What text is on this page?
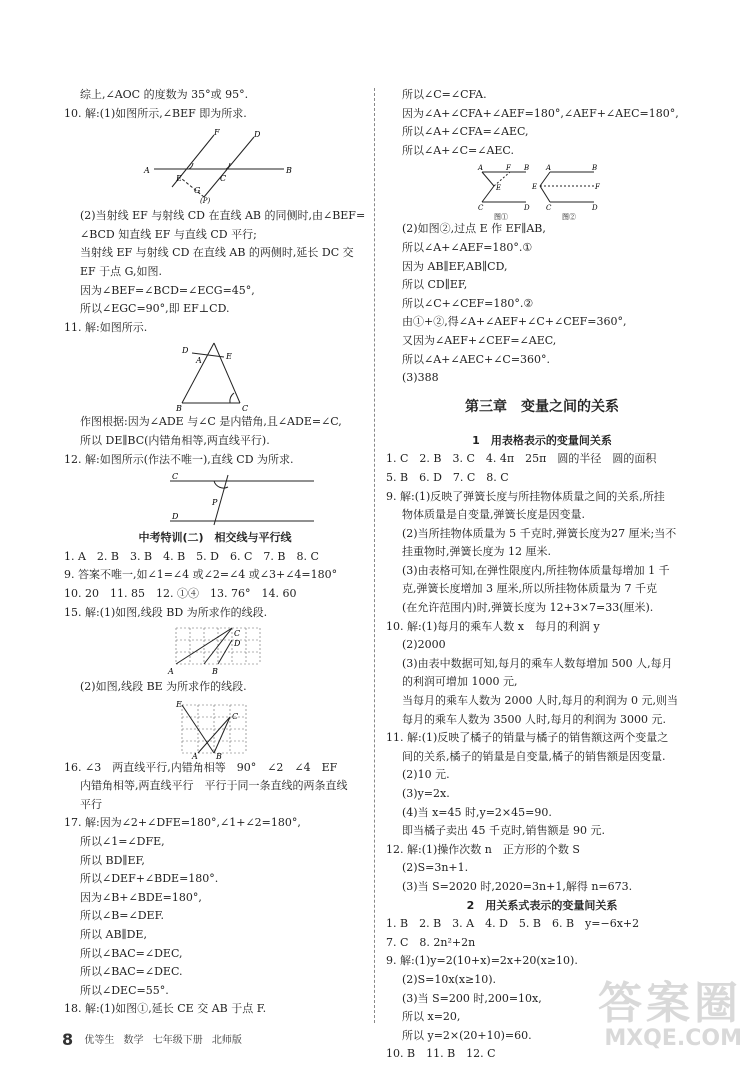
综上,∠AOC 的度数为 35°或 95°.

10. 解:(1)如图所示,∠BEF 即为所求.

A	B
F	D
E	C
G
(P)

(2)当射线 EF 与射线 CD 在直线 AB 的同侧时,由∠BEF=

∠BCD 知直线 EF 与直线 CD 平行;

当射线 EF 与射线 CD 在直线 AB 的两侧时,延长 DC 交

EF 于点 G,如图.

因为∠BEF=∠BCD=∠ECG=45°,

所以∠EGC=90°,即 EF⊥CD.

11. 解:如图所示.

D
A	E
B	C

作图根据:因为∠ADE 与∠C 是内错角,且∠ADE=∠C,

所以 DE∥BC(内错角相等,两直线平行).

12. 解:如图所示(作法不唯一),直线 CD 为所求.

C
P
D

中考特训(二)　相交线与平行线

1. A　2. B　3. B　4. B　5. D　6. C　7. B　8. C

9. 答案不唯一,如∠1=∠4 或∠2=∠4 或∠3+∠4=180°

10. 20　11. 85　12. ①④　13. 76°　14. 60

15. 解:(1)如图,线段 BD 为所求作的线段.

C
D
A	B

(2)如图,线段 BE 为所求作的线段.

E
C
A B

16. ∠3　两直线平行,内错角相等　90°　∠2　∠4　EF

内错角相等,两直线平行　平行于同一条直线的两条直线

平行

17. 解:因为∠2+∠DFE=180°,∠1+∠2=180°,

所以∠1=∠DFE,

所以 BD∥EF,

所以∠DEF+∠BDE=180°.

因为∠B+∠BDE=180°,

所以∠B=∠DEF.

所以 AB∥DE,

所以∠BAC=∠DEC,

所以∠BAC=∠DEC.

所以∠DEC=55°.

18. 解:(1)如图①,延长 CE 交 AB 于点 F.

所以∠C=∠CFA.

因为∠A+∠CFA+∠AEF=180°,∠AEF+∠AEC=180°,

所以∠A+∠CFA=∠AEC,

所以∠A+∠C=∠AEC.

A	F B
E
C	D
图①
A	B
E	F
C	D
图②

(2)如图②,过点 E 作 EF∥AB,

所以∠A+∠AEF=180°.①

因为 AB∥EF,AB∥CD,

所以 CD∥EF,

所以∠C+∠CEF=180°.②

由①+②,得∠A+∠AEF+∠C+∠CEF=360°,

又因为∠AEF+∠CEF=∠AEC,

所以∠A+∠AEC+∠C=360°.

(3)388

第三章　变量之间的关系

1　用表格表示的变量间关系

1. C　2. B　3. C　4. 4π　25π　圆的半径　圆的面积

5. B　6. D　7. C　8. C

9. 解:(1)反映了弹簧长度与所挂物体质量之间的关系,所挂

物体质量是自变量,弹簧长度是因变量.

(2)当所挂物体质量为 5 千克时,弹簧长度为27 厘米;当不

挂重物时,弹簧长度为 12 厘米.

(3)由表格可知,在弹性限度内,所挂物体质量每增加 1 千

克,弹簧长度增加 3 厘米,所以所挂物体质量为 7 千克

(在允许范围内)时,弹簧长度为 12+3×7=33(厘米).

10. 解:(1)每月的乘车人数 x　每月的利润 y

(2)2000

(3)由表中数据可知,每月的乘车人数每增加 500 人,每月

的利润可增加 1000 元,

当每月的乘车人数为 2000 人时,每月的利润为 0 元,则当

每月的乘车人数为 3500 人时,每月的利润为 3000 元.

11. 解:(1)反映了橘子的销量与橘子的销售额这两个变量之

间的关系,橘子的销量是自变量,橘子的销售额是因变量.

(2)10 元.

(3)y=2x.

(4)当 x=45 时,y=2×45=90.

即当橘子卖出 45 千克时,销售额是 90 元.

12. 解:(1)操作次数 n　正方形的个数 S

(2)S=3n+1.

(3)当 S=2020 时,2020=3n+1,解得 n=673.

2　用关系式表示的变量间关系

1. B　2. B　3. A　4. D　5. B　6. B　y=−6x+2

7. C　8. 2n²+2n

9. 解:(1)y=2(10+x)=2x+20(x≥10).

(2)S=10x(x≥10).

(3)当 S=200 时,200=10x,

所以 x=20,

所以 y=2×(20+10)=60.

10. B　11. B　12. C

8 优等生 数学 七年级下册 北师版
答案圈
MXQE.COM
